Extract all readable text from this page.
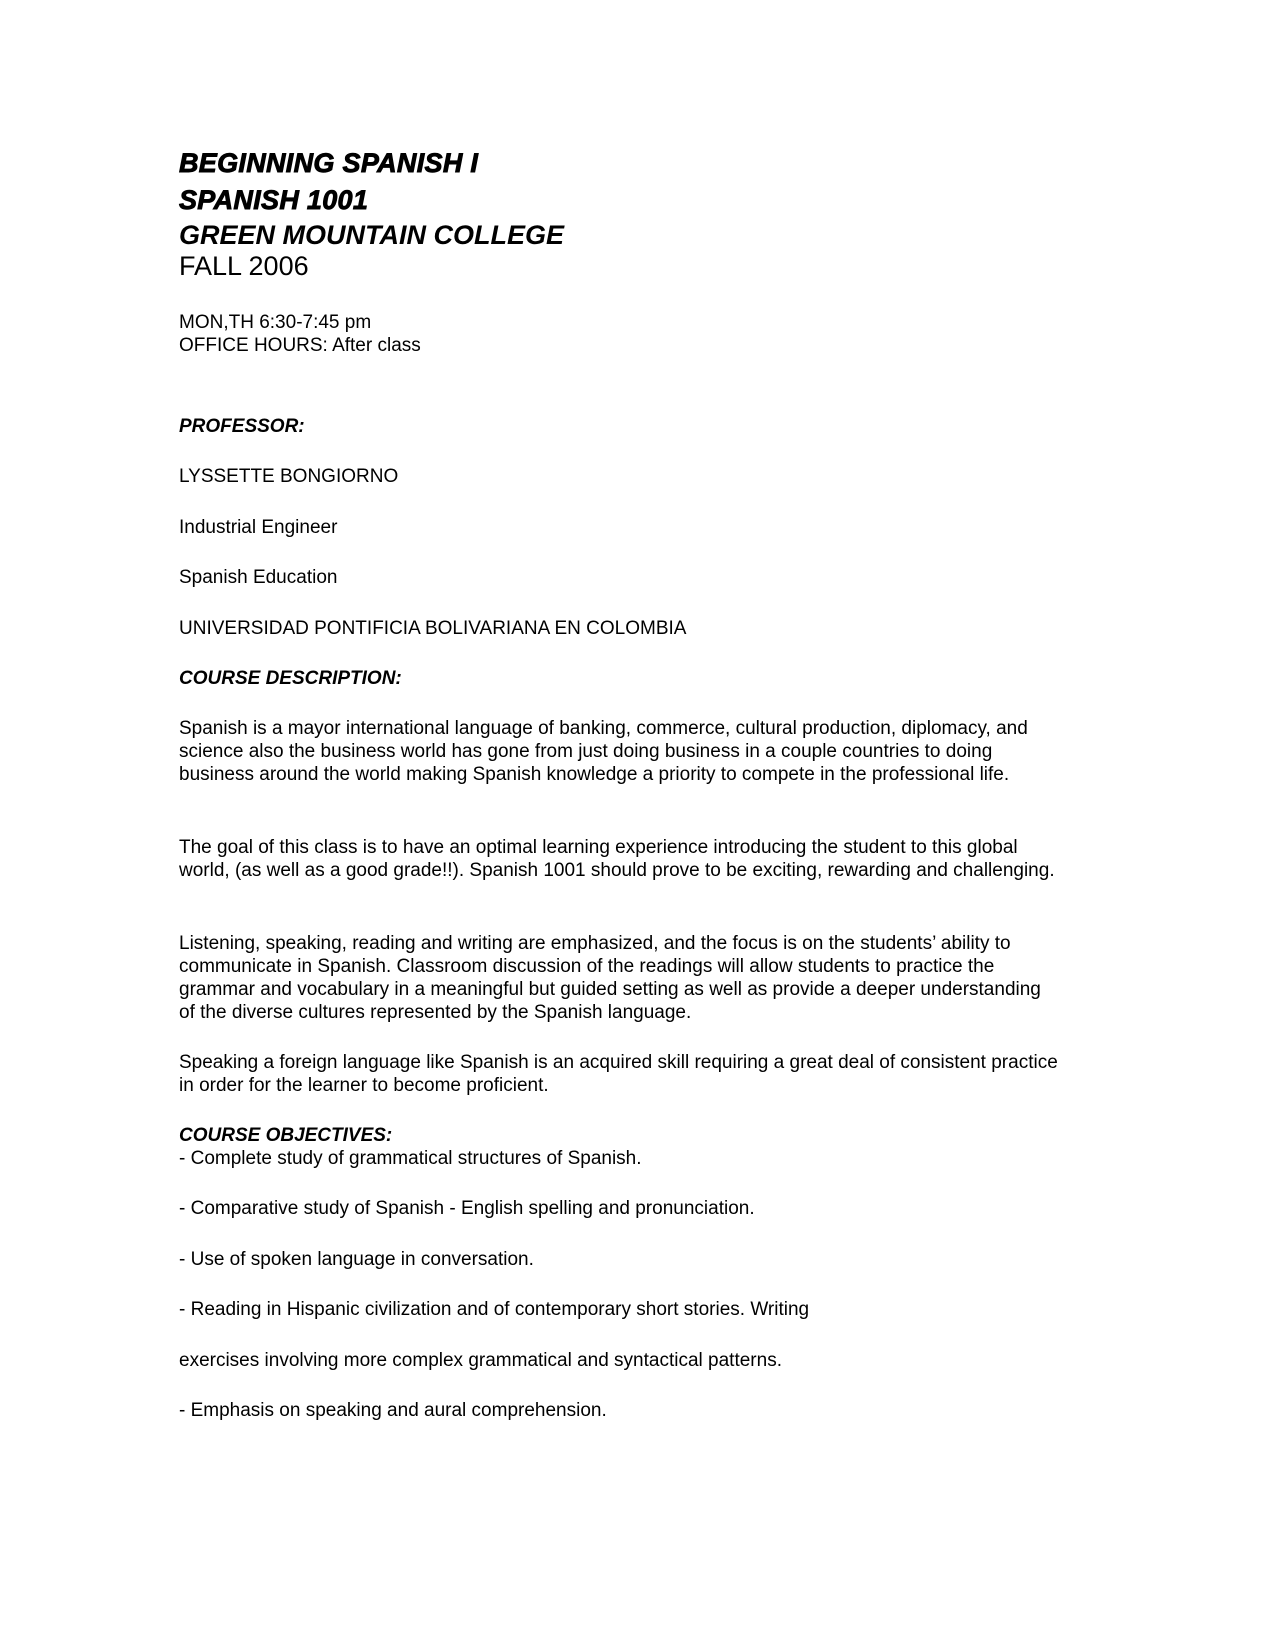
BEGINNING SPANISH I
SPANISH 1001
GREEN MOUNTAIN COLLEGE
FALL 2006
MON,TH 6:30-7:45 pm
OFFICE HOURS: After class
PROFESSOR:
LYSSETTE BONGIORNO
Industrial Engineer
Spanish Education
UNIVERSIDAD PONTIFICIA BOLIVARIANA EN COLOMBIA
COURSE DESCRIPTION:
Spanish is a mayor international language of banking, commerce, cultural production, diplomacy, and science also the business world has gone from just doing business in a couple countries to doing business around the world making Spanish knowledge a priority to compete in the professional life.
The goal of this class is to have an optimal learning experience introducing the student to this global world, (as well as a good grade!!). Spanish 1001 should prove to be exciting, rewarding and challenging.
Listening, speaking, reading and writing are emphasized, and the focus is on the students’ ability to communicate in Spanish. Classroom discussion of the readings will allow students to practice the grammar and vocabulary in a meaningful but guided setting as well as provide a deeper understanding of the diverse cultures represented by the Spanish language.
Speaking a foreign language like Spanish is an acquired skill requiring a great deal of consistent practice in order for the learner to become proficient.
COURSE OBJECTIVES:
- Complete study of grammatical structures of Spanish.
- Comparative study of Spanish - English spelling and pronunciation.
- Use of spoken language in conversation.
- Reading in Hispanic civilization and of contemporary short stories. Writing
exercises involving more complex grammatical and syntactical patterns.
- Emphasis on speaking and aural comprehension.
